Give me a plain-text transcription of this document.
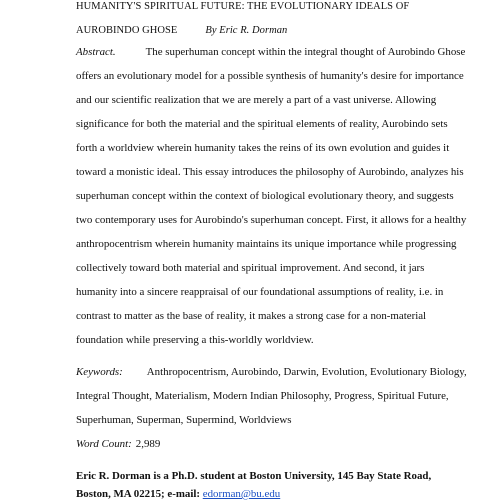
HUMANITY'S SPIRITUAL FUTURE: THE EVOLUTIONARY IDEALS OF
AUROBINDO GHOSE	By Eric R. Dorman
Abstract.	The superhuman concept within the integral thought of Aurobindo Ghose
offers an evolutionary model for a possible synthesis of humanity's desire for importance
and our scientific realization that we are merely a part of a vast universe. Allowing
significance for both the material and the spiritual elements of reality, Aurobindo sets
forth a worldview wherein humanity takes the reins of its own evolution and guides it
toward a monistic ideal. This essay introduces the philosophy of Aurobindo, analyzes his
superhuman concept within the context of biological evolutionary theory, and suggests
two contemporary uses for Aurobindo's superhuman concept. First, it allows for a healthy
anthropocentrism wherein humanity maintains its unique importance while progressing
collectively toward both material and spiritual improvement. And second, it jars
humanity into a sincere reappraisal of our foundational assumptions of reality, i.e. in
contrast to matter as the base of reality, it makes a strong case for a non-material
foundation while preserving a this-worldly worldview.
Keywords: Anthropocentrism, Aurobindo, Darwin, Evolution, Evolutionary Biology,
Integral Thought, Materialism, Modern Indian Philosophy, Progress, Spiritual Future,
Superhuman, Superman, Supermind, Worldviews
Word Count: 2,989
Eric R. Dorman is a Ph.D. student at Boston University, 145 Bay State Road,
Boston, MA 02215; e-mail: edorman@bu.edu
